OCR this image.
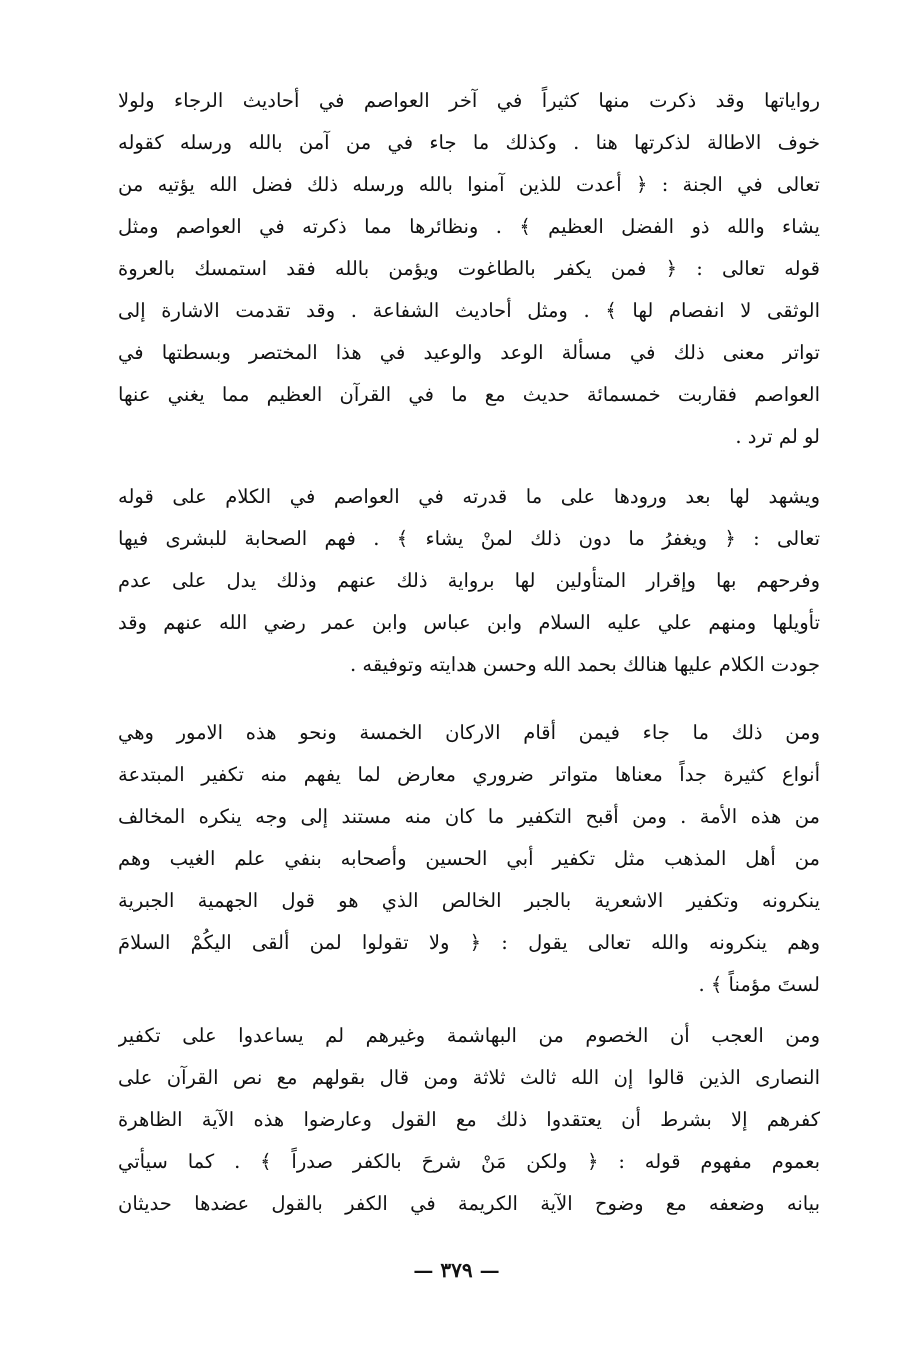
رواياتها وقد ذكرت منها كثيراً في آخر العواصم في أحاديث الرجاء ولولا
خوف الاطالة لذكرتها هنا . وكذلك ما جاء في من آمن بالله ورسله كقوله
تعالى في الجنة : ﴿ أعدت للذين آمنوا بالله ورسله ذلك فضل الله يؤتيه من
يشاء والله ذو الفضل العظيم ﴾ . ونظائرها مما ذكرته في العواصم ومثل
قوله تعالى : ﴿ فمن يكفر بالطاغوت ويؤمن بالله فقد استمسك بالعروة
الوثقى لا انفصام لها ﴾ . ومثل أحاديث الشفاعة . وقد تقدمت الاشارة إلى
تواتر معنى ذلك في مسألة الوعد والوعيد في هذا المختصر وبسطتها في
العواصم فقاربت خمسمائة حديث مع ما في القرآن العظيم مما يغني عنها
لو لم ترد .
ويشهد لها بعد ورودها على ما قدرته في العواصم في الكلام على قوله
تعالى : ﴿ ويغفرُ ما دون ذلك لمنْ يشاء ﴾ . فهم الصحابة للبشرى فيها
وفرحهم بها وإقرار المتأولين لها برواية ذلك عنهم وذلك يدل على عدم
تأويلها ومنهم علي عليه السلام وابن عباس وابن عمر رضي الله عنهم وقد
جودت الكلام عليها هنالك بحمد الله وحسن هدايته وتوفيقه .
ومن ذلك ما جاء فيمن أقام الاركان الخمسة ونحو هذه الامور وهي
أنواع كثيرة جداً معناها متواتر ضروري معارض لما يفهم منه تكفير المبتدعة
من هذه الأمة . ومن أقبح التكفير ما كان منه مستند إلى وجه ينكره المخالف
من أهل المذهب مثل تكفير أبي الحسين وأصحابه بنفي علم الغيب وهم
ينكرونه وتكفير الاشعرية بالجبر الخالص الذي هو قول الجهمية الجبرية
وهم ينكرونه والله تعالى يقول : ﴿ ولا تقولوا لمن ألقى اليكُمْ السلامَ
لستَ مؤمناً ﴾ .
ومن العجب أن الخصوم من البهاشمة وغيرهم لم يساعدوا على تكفير
النصارى الذين قالوا إن الله ثالث ثلاثة ومن قال بقولهم مع نص القرآن على
كفرهم إلا بشرط أن يعتقدوا ذلك مع القول وعارضوا هذه الآية الظاهرة
بعموم مفهوم قوله : ﴿ ولكن مَنْ شرحَ بالكفر صدراً ﴾ . كما سيأتي
بيانه وضعفه مع وضوح الآية الكريمة في الكفر بالقول عضدها حديثان
— ٣٧٩ —
